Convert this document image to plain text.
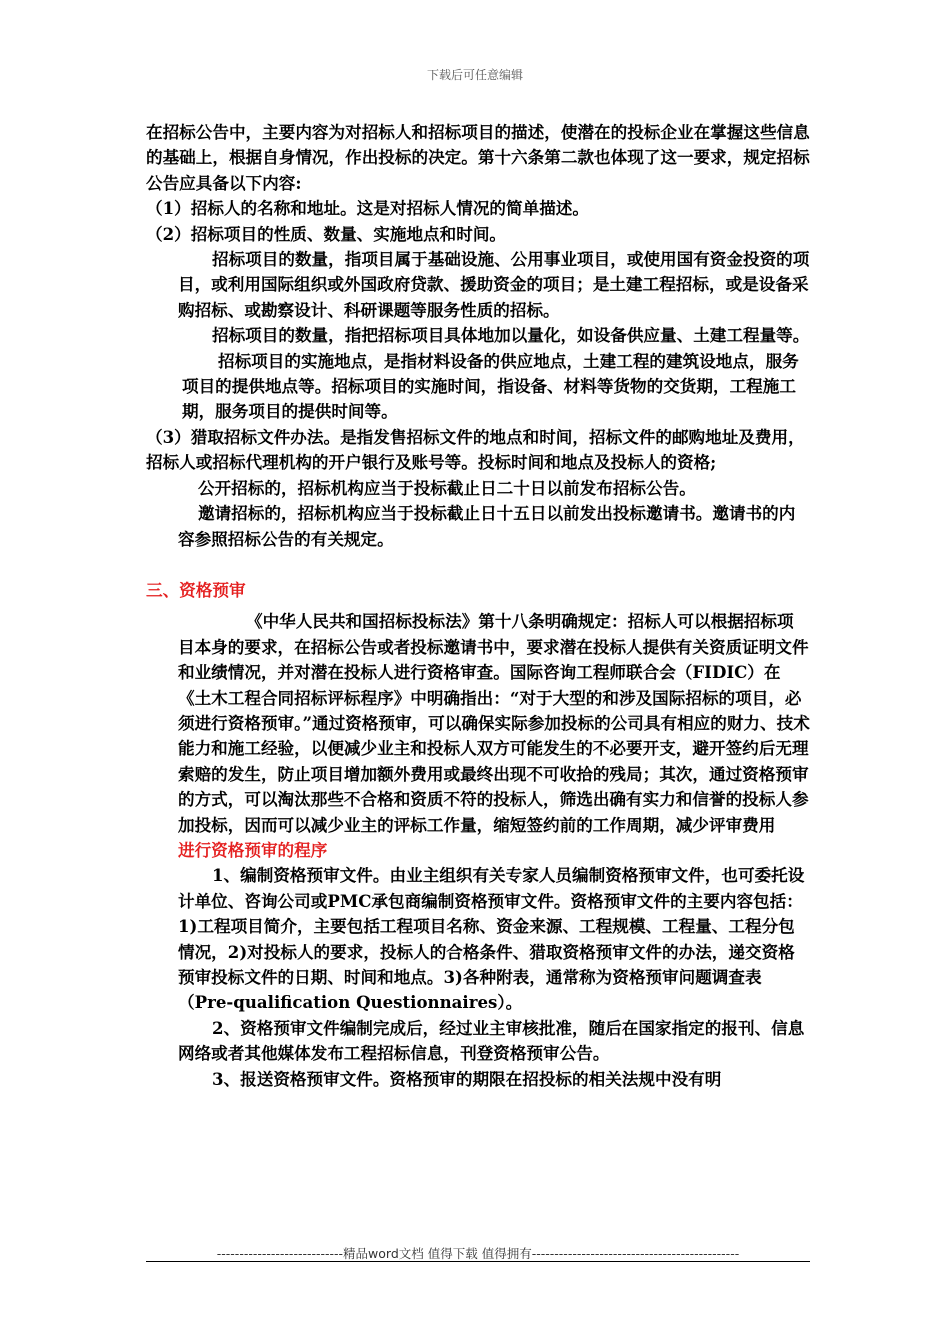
下载后可任意编辑

在招标公告中，主要内容为对招标人和招标项目的描述，使潜在的投标企业在掌握这些信息的基础上，根据自身情况，作出投标的决定。第十六条第二款也体现了这一要求，规定招标公告应具备以下内容:

（1）招标人的名称和地址。这是对招标人情况的简单描述。

（2）招标项目的性质、数量、实施地点和时间。

招标项目的数量，指项目属于基础设施、公用事业项目，或使用国有资金投资的项目，或利用国际组织或外国政府贷款、援助资金的项目；是土建工程招标，或是设备采购招标、或勘察设计、科研课题等服务性质的招标。

招标项目的数量，指把招标项目具体地加以量化，如设备供应量、土建工程量等。

招标项目的实施地点，是指材料设备的供应地点，土建工程的建筑设地点，服务项目的提供地点等。招标项目的实施时间，指设备、材料等货物的交货期，工程施工期，服务项目的提供时间等。

（3）猎取招标文件办法。是指发售招标文件的地点和时间，招标文件的邮购地址及费用，招标人或招标代理机构的开户银行及账号等。投标时间和地点及投标人的资格;

公开招标的，招标机构应当于投标截止日二十日以前发布招标公告。

邀请招标的，招标机构应当于投标截止日十五日以前发出投标邀请书。邀请书的内容参照招标公告的有关规定。

三、资格预审

《中华人民共和国招标投标法》第十八条明确规定：招标人可以根据招标项目本身的要求，在招标公告或者投标邀请书中，要求潜在投标人提供有关资质证明文件和业绩情况，并对潜在投标人进行资格审查。国际咨询工程师联合会（FIDIC）在《土木工程合同招标评标程序》中明确指出：“对于大型的和涉及国际招标的项目，必须进行资格预审。”通过资格预审，可以确保实际参加投标的公司具有相应的财力、技术能力和施工经验，以便减少业主和投标人双方可能发生的不必要开支，避开签约后无理索赔的发生，防止项目增加额外费用或最终出现不可收拾的残局；其次，通过资格预审的方式，可以淘汰那些不合格和资质不符的投标人，筛选出确有实力和信誉的投标人参加投标，因而可以减少业主的评标工作量，缩短签约前的工作周期，减少评审费用

进行资格预审的程序

1、编制资格预审文件。由业主组织有关专家人员编制资格预审文件，也可委托设计单位、咨询公司或PMC承包商编制资格预审文件。资格预审文件的主要内容包括：1)工程项目简介，主要包括工程项目名称、资金来源、工程规模、工程量、工程分包情况，2)对投标人的要求，投标人的合格条件、猎取资格预审文件的办法，递交资格预审投标文件的日期、时间和地点。3)各种附表，通常称为资格预审问题调查表（Pre-qualification Questionnaires）。

2、资格预审文件编制完成后，经过业主审核批准，随后在国家指定的报刊、信息网络或者其他媒体发布工程招标信息，刊登资格预审公告。

3、报送资格预审文件。资格预审的期限在招投标的相关法规中没有明

----------------------------精品word文档 值得下载 值得拥有----------------------------------------------
